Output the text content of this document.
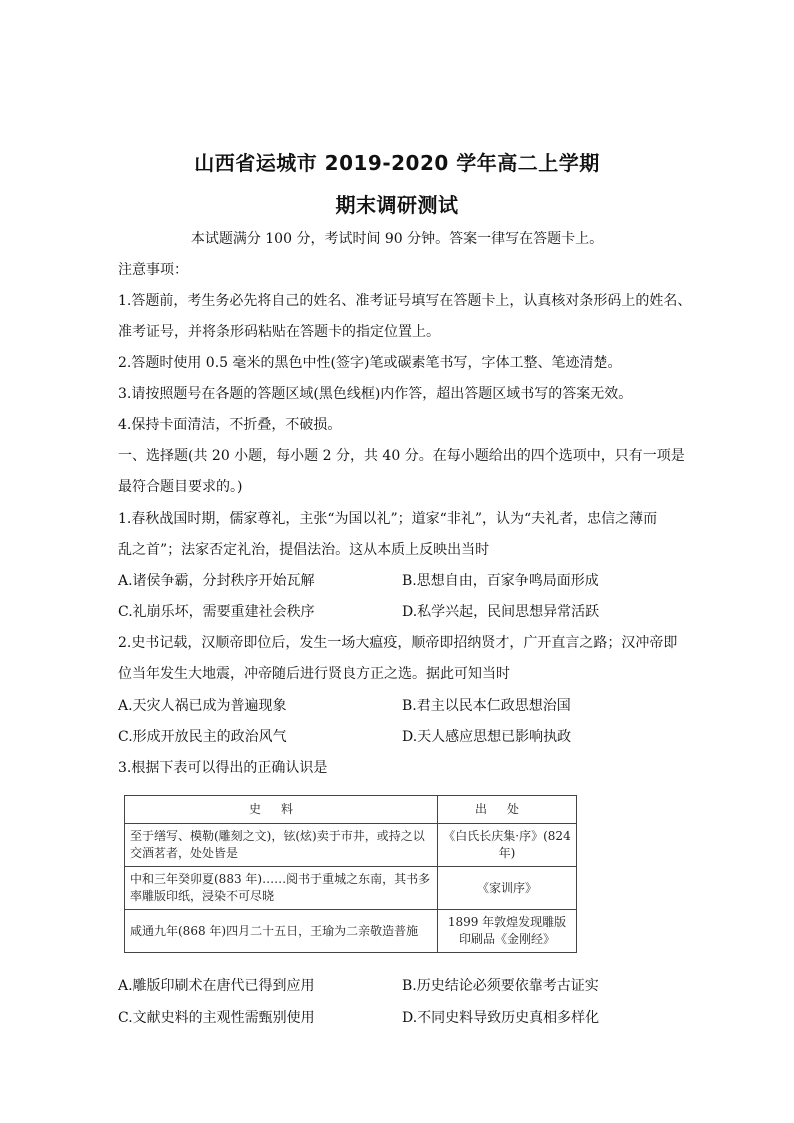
山西省运城市 2019-2020 学年高二上学期
期末调研测试
本试题满分 100 分，考试时间 90 分钟。答案一律写在答题卡上。
注意事项：
1.答题前，考生务必先将自己的姓名、准考证号填写在答题卡上，认真核对条形码上的姓名、
准考证号，并将条形码粘贴在答题卡的指定位置上。
2.答题时使用 0.5 毫米的黑色中性(签字)笔或碳素笔书写，字体工整、笔迹清楚。
3.请按照题号在各题的答题区域(黑色线框)内作答，超出答题区域书写的答案无效。
4.保持卡面清洁，不折叠，不破损。
一、选择题(共 20 小题，每小题 2 分，共 40 分。在每小题给出的四个选项中，只有一项是
最符合题目要求的。)
1.春秋战国时期，儒家尊礼，主张“为国以礼”；道家“非礼”，认为“夫礼者，忠信之薄而
乱之首”；法家否定礼治，提倡法治。这从本质上反映出当时
A.诸侯争霸，分封秩序开始瓦解	B.思想自由，百家争鸣局面形成
C.礼崩乐坏，需要重建社会秩序	D.私学兴起，民间思想异常活跃
2.史书记载，汉顺帝即位后，发生一场大瘟疫，顺帝即招纳贤才，广开直言之路；汉冲帝即
位当年发生大地震，冲帝随后进行贤良方正之选。据此可知当时
A.天灾人祸已成为普遍现象	B.君主以民本仁政思想治国
C.形成开放民主的政治风气	D.天人感应思想已影响执政
3.根据下表可以得出的正确认识是
史料	出处
至于缮写、模勒(雕刻之文)，铉(炫)卖于市井，或持之以交酒茗者，处处皆是	《白氏长庆集·序》(824 年)
中和三年癸卯夏(883 年)……阅书于重城之东南，其书多率雕版印纸，浸染不可尽晓	《家训序》
咸通九年(868 年)四月二十五日，王瑜为二亲敬造普施	1899 年敦煌发现雕版印刷品《金刚经》
A.雕版印刷术在唐代已得到应用	B.历史结论必须要依靠考古证实
C.文献史料的主观性需甄别使用	D.不同史料导致历史真相多样化
